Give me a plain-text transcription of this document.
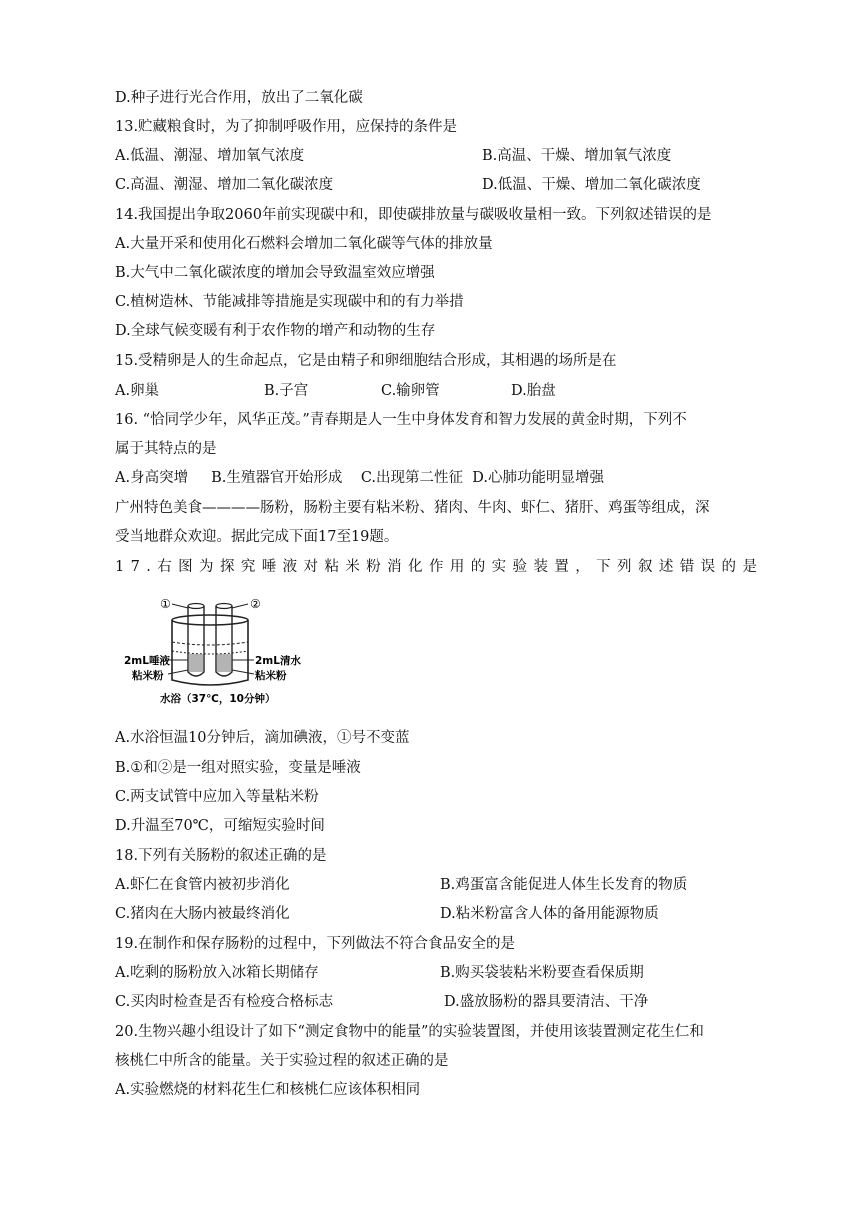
D.种子进行光合作用，放出了二氧化碳
13.贮藏粮食时，为了抑制呼吸作用，应保持的条件是
A.低温、潮湿、增加氧气浓度	B.高温、干燥、增加氧气浓度
C.高温、潮湿、增加二氧化碳浓度	D.低温、干燥、增加二氧化碳浓度
14.我国提出争取2060年前实现碳中和，即使碳排放量与碳吸收量相一致。下列叙述错误的是
A.大量开采和使用化石燃料会增加二氧化碳等气体的排放量
B.大气中二氧化碳浓度的增加会导致温室效应增强
C.植树造林、节能减排等措施是实现碳中和的有力举措
D.全球气候变暖有利于农作物的增产和动物的生存
15.受精卵是人的生命起点，它是由精子和卵细胞结合形成，其相遇的场所是在
A.卵巢	B.子宫	C.输卵管	D.胎盘
16. “恰同学少年，风华正茂。”青春期是人一生中身体发育和智力发展的黄金时期，下列不
属于其特点的是
A.身高突增     B.生殖器官开始形成    C.出现第二性征  D.心肺功能明显增强
广州特色美食————肠粉，肠粉主要有粘米粉、猪肉、牛肉、虾仁、猪肝、鸡蛋等组成，深
受当地群众欢迎。据此完成下面17至19题。
17.右图为探究唾液对粘米粉消化作用的实验装置，下列叙述错误的是
①	②
2mL唾液
粘米粉
2mL清水
粘米粉
水浴（37℃，10分钟）
A.水浴恒温10分钟后，滴加碘液，①号不变蓝
B.①和②是一组对照实验，变量是唾液
C.两支试管中应加入等量粘米粉
D.升温至70℃，可缩短实验时间
18.下列有关肠粉的叙述正确的是
A.虾仁在食管内被初步消化	B.鸡蛋富含能促进人体生长发育的物质
C.猪肉在大肠内被最终消化	D.粘米粉富含人体的备用能源物质
19.在制作和保存肠粉的过程中，下列做法不符合食品安全的是
A.吃剩的肠粉放入冰箱长期储存	B.购买袋装粘米粉要查看保质期
C.买肉时检查是否有检疫合格标志	D.盛放肠粉的器具要清洁、干净
20.生物兴趣小组设计了如下“测定食物中的能量”的实验装置图，并使用该装置测定花生仁和
核桃仁中所含的能量。关于实验过程的叙述正确的是
A.实验燃烧的材料花生仁和核桃仁应该体积相同
